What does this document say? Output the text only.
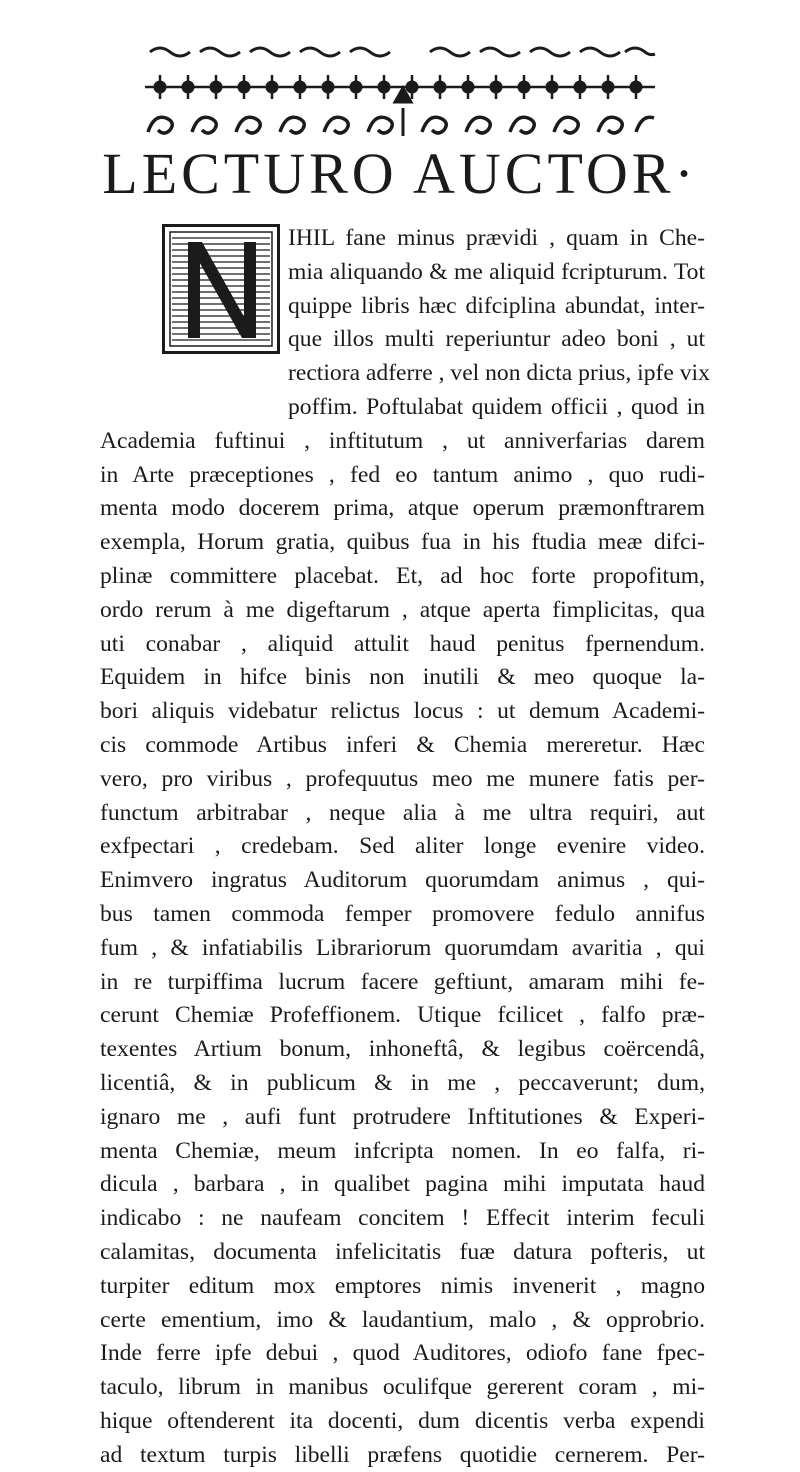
LECTURO AUCTOR·
IHIL fane minus prævidi , quam in Che-
mia aliquando & me aliquid fcripturum. Tot
quippe libris hæc difciplina abundat, inter-
que illos multi reperiuntur adeo boni , ut
rectiora adferre , vel non dicta prius, ipfe vix
poffim. Poftulabat quidem officii , quod in
Academia fuftinui , inftitutum , ut anniverfarias darem
in Arte præceptiones , fed eo tantum animo , quo rudi-
menta modo docerem prima, atque operum præmonftrarem
exempla, Horum gratia, quibus fua in his ftudia meæ difci-
plinæ committere placebat. Et, ad hoc forte propofitum,
ordo rerum à me digeftarum , atque aperta fimplicitas, qua
uti conabar , aliquid attulit haud penitus fpernendum.
Equidem in hifce binis non inutili & meo quoque la-
bori aliquis videbatur relictus locus : ut demum Academi-
cis commode Artibus inferi & Chemia mereretur. Hæc
vero, pro viribus , profequutus meo me munere fatis per-
functum arbitrabar , neque alia à me ultra requiri, aut
exfpectari , credebam. Sed aliter longe evenire video.
Enimvero ingratus Auditorum quorumdam animus , qui-
bus tamen commoda femper promovere fedulo annifus
fum , & infatiabilis Librariorum quorumdam avaritia , qui
in re turpiffima lucrum facere geftiunt, amaram mihi fe-
cerunt Chemiæ Profeffionem. Utique fcilicet , falfo præ-
texentes Artium bonum, inhoneftâ, & legibus coërcendâ,
licentiâ, & in publicum & in me , peccaverunt; dum,
ignaro me , aufi funt protrudere Inftitutiones & Experi-
menta Chemiæ, meum infcripta nomen. In eo falfa, ri-
dicula , barbara , in qualibet pagina mihi imputata haud
indicabo : ne naufeam concitem ! Effecit interim feculi
calamitas, documenta infelicitatis fuæ datura pofteris, ut
turpiter editum mox emptores nimis invenerit , magno
certe ementium, imo & laudantium, malo , & opprobrio.
Inde ferre ipfe debui , quod Auditores, odiofo fane fpec-
taculo, librum in manibus oculifque gererent coram , mi-
hique oftenderent ita docenti, dum dicentis verba expendi
ad textum turpis libelli præfens quotidie cernerem. Per-
